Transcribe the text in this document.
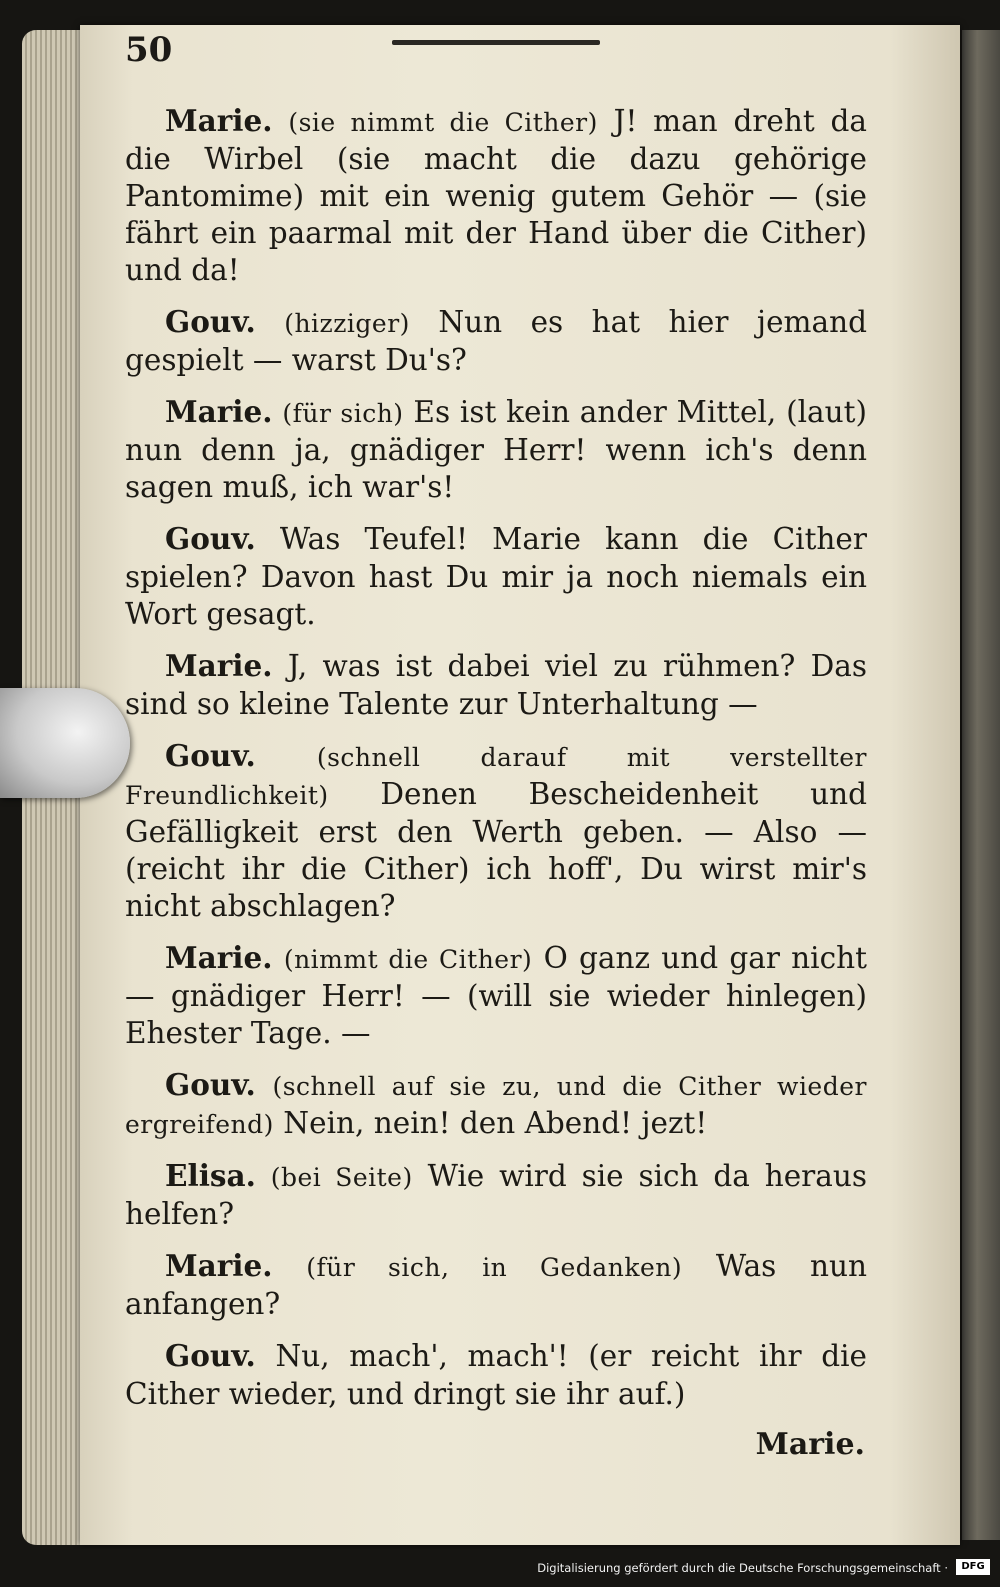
50

Marie. (sie nimmt die Cither) J! man dreht da die Wirbel (sie macht die dazu gehörige Pantomime) mit ein wenig gutem Gehör — (sie fährt ein paarmal mit der Hand über die Cither) und da!

Gouv. (hizziger) Nun es hat hier jemand gespielt — warst Du's?

Marie. (für sich) Es ist kein ander Mittel, (laut) nun denn ja, gnädiger Herr! wenn ich's denn sagen muß, ich war's!

Gouv. Was Teufel! Marie kann die Cither spielen? Davon hast Du mir ja noch niemals ein Wort gesagt.

Marie. J, was ist dabei viel zu rühmen? Das sind so kleine Talente zur Unterhaltung —

Gouv. (schnell darauf mit verstellter Freundlichkeit) Denen Bescheidenheit und Gefälligkeit erst den Werth geben. — Also — (reicht ihr die Cither) ich hoff', Du wirst mir's nicht abschlagen?

Marie. (nimmt die Cither) O ganz und gar nicht — gnädiger Herr! — (will sie wieder hinlegen) Ehester Tage. —

Gouv. (schnell auf sie zu, und die Cither wieder ergreifend) Nein, nein! den Abend! jezt!

Elisa. (bei Seite) Wie wird sie sich da heraus helfen?

Marie. (für sich, in Gedanken) Was nun anfangen?

Gouv. Nu, mach', mach'! (er reicht ihr die Cither wieder, und dringt sie ihr auf.)

Marie.
Digitalisierung gefördert durch die Deutsche Forschungsgemeinschaft ·	DFG
